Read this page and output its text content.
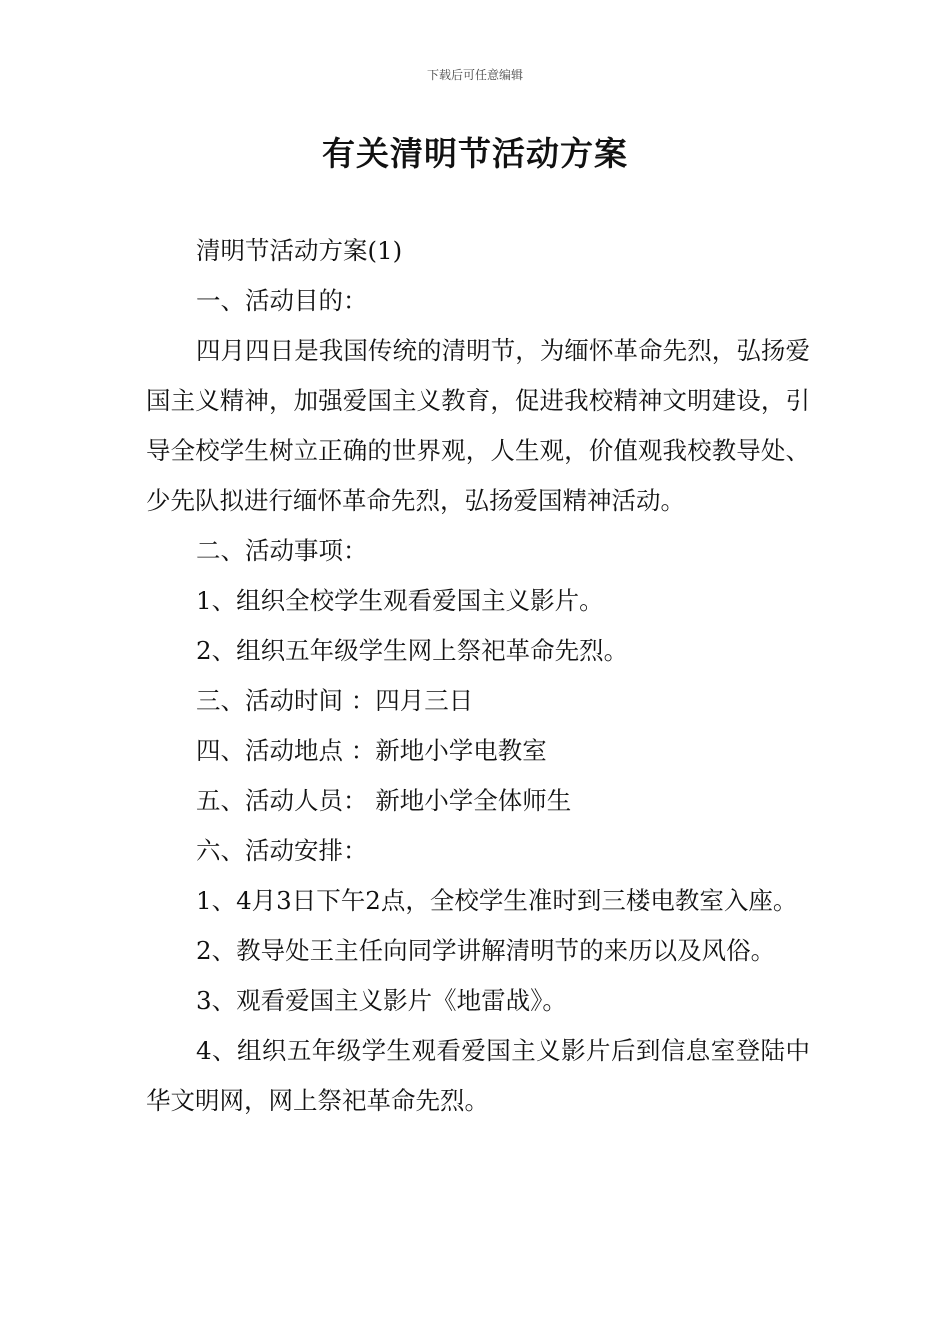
下载后可任意编辑
有关清明节活动方案

清明节活动方案(1)

一、活动目的：

四月四日是我国传统的清明节，为缅怀革命先烈，弘扬爱国主义精神，加强爱国主义教育，促进我校精神文明建设，引导全校学生树立正确的世界观，人生观，价值观我校教导处、少先队拟进行缅怀革命先烈，弘扬爱国精神活动。

二、活动事项：

1、组织全校学生观看爱国主义影片。

2、组织五年级学生网上祭祀革命先烈。

三、活动时间 ：四月三日

四、活动地点 ：新地小学电教室

五、活动人员： 新地小学全体师生

六、活动安排：

1、4月3日下午2点，全校学生准时到三楼电教室入座。

2、教导处王主任向同学讲解清明节的来历以及风俗。

3、观看爱国主义影片《地雷战》。

4、组织五年级学生观看爱国主义影片后到信息室登陆中华文明网，网上祭祀革命先烈。
